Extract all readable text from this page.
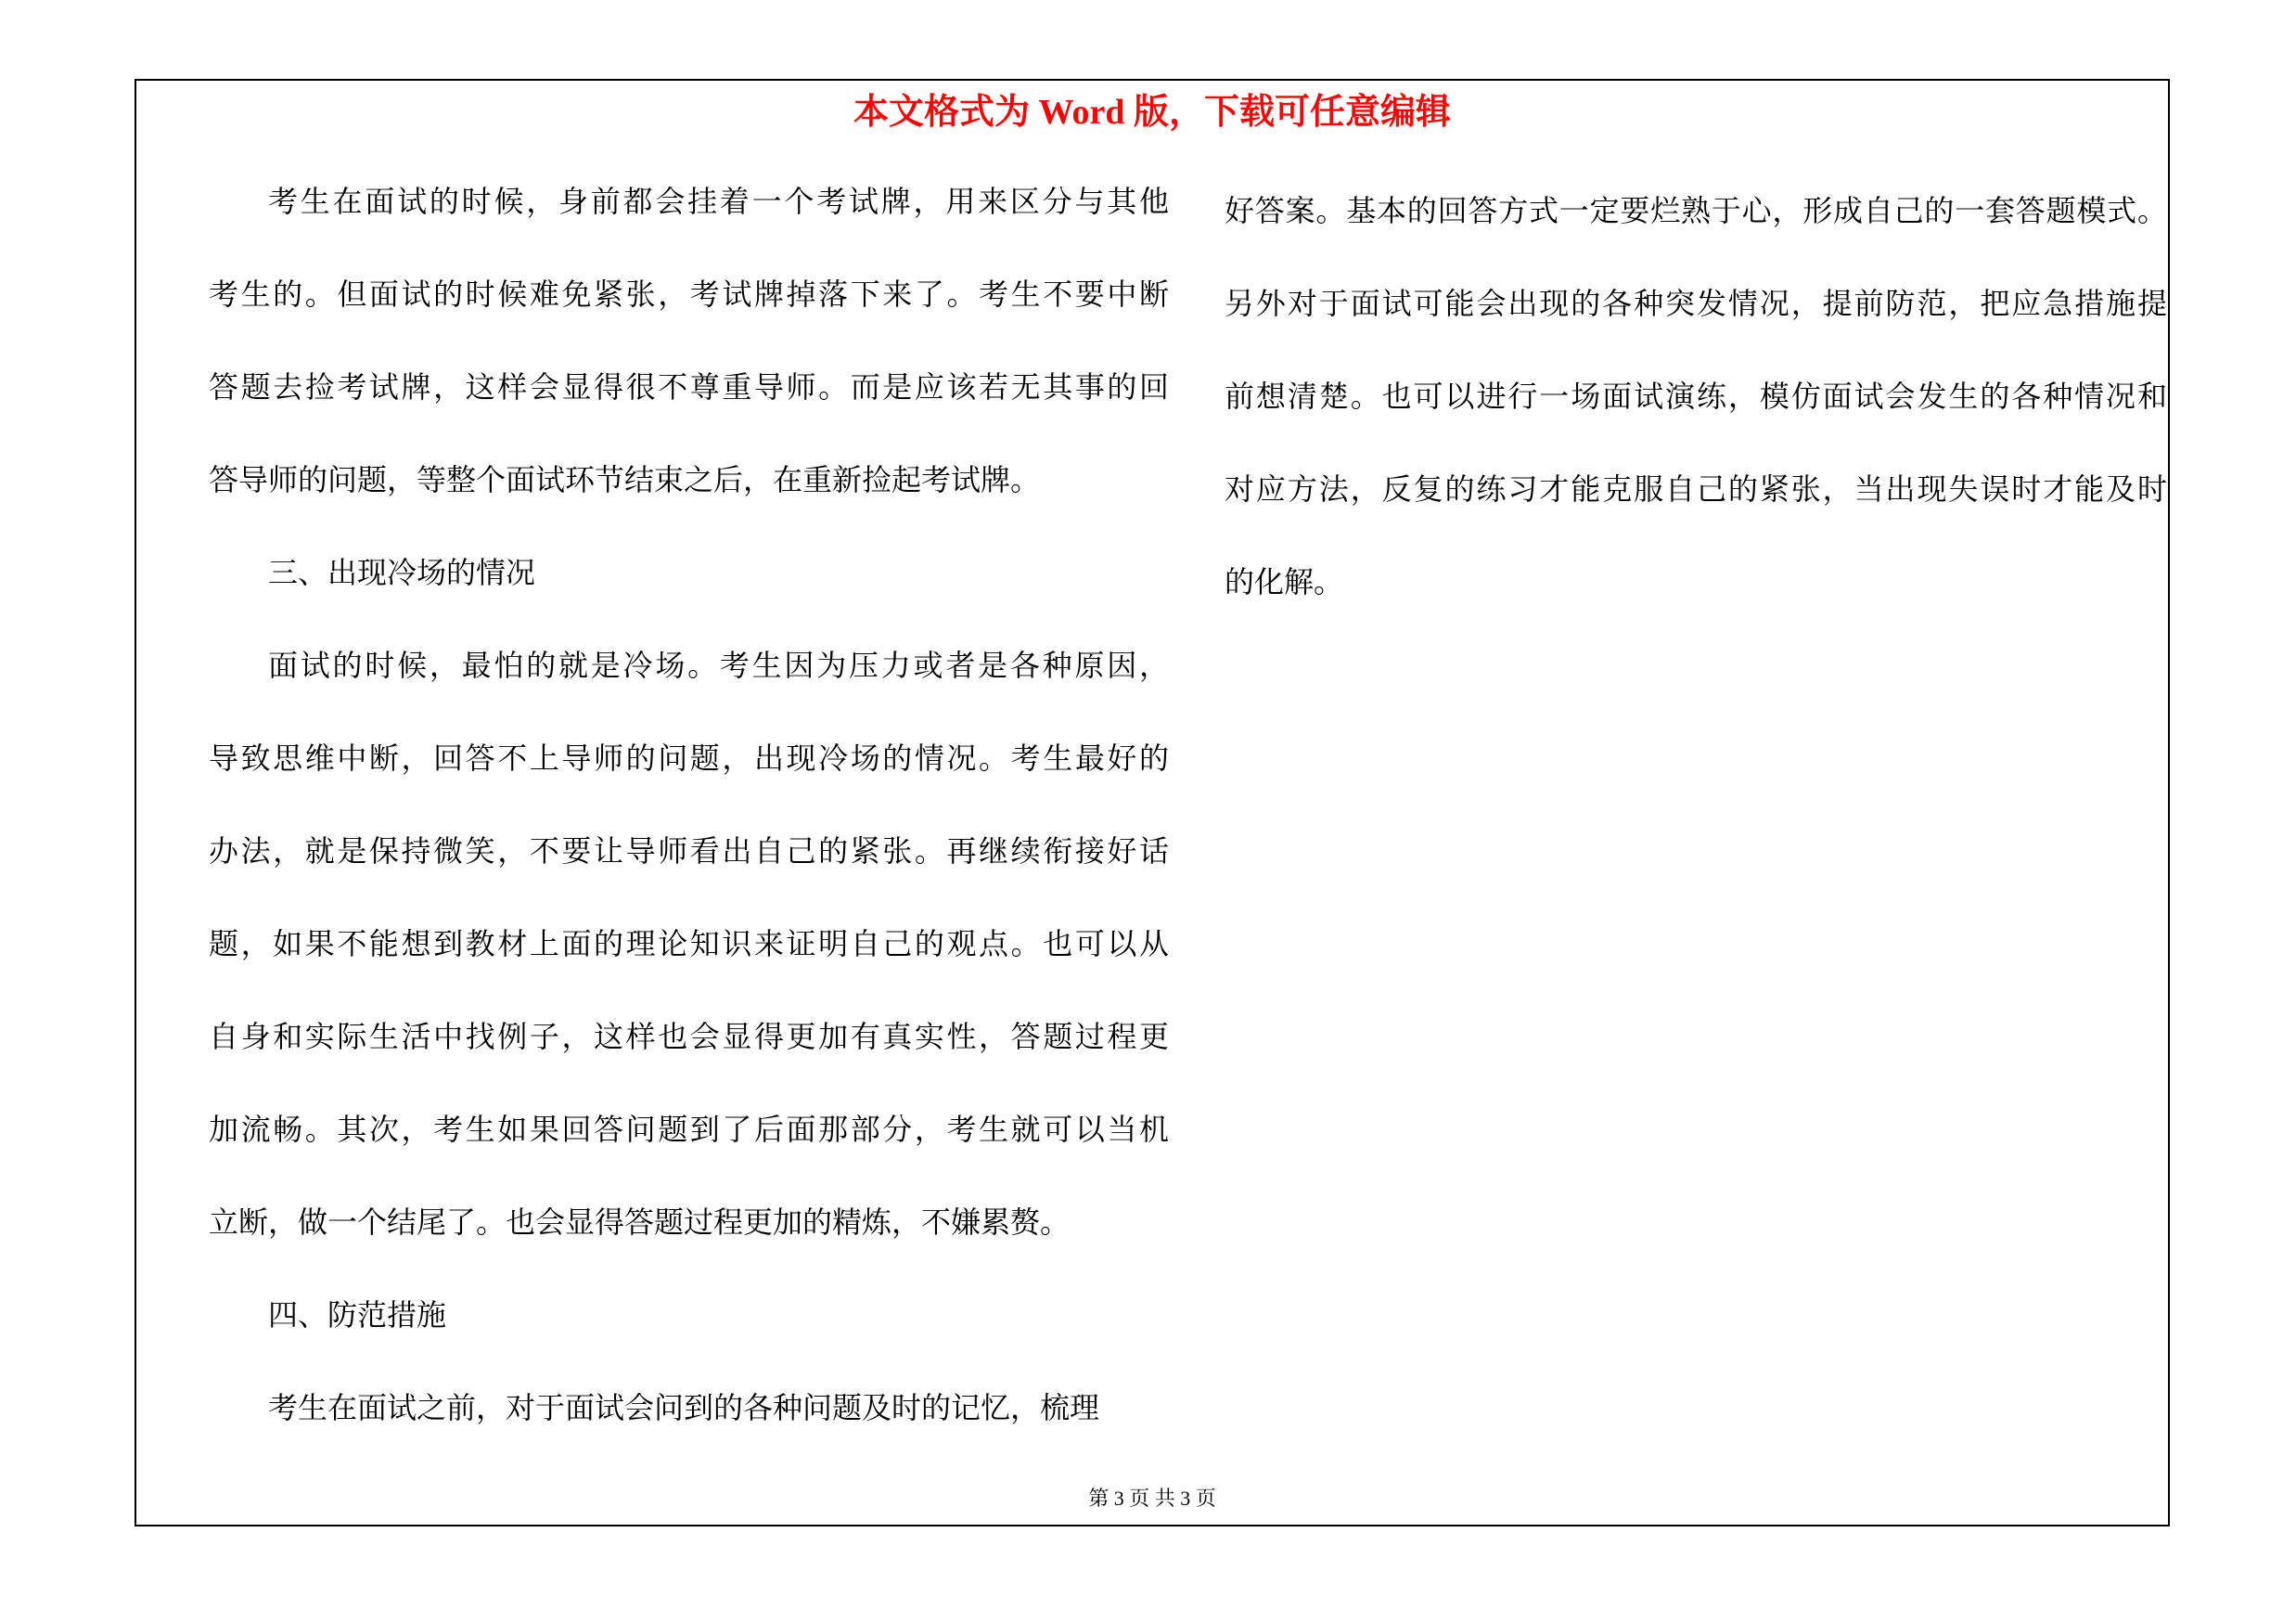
本文格式为 Word 版，下载可任意编辑
考生在面试的时候，身前都会挂着一个考试牌，用来区分与其他
考生的。但面试的时候难免紧张，考试牌掉落下来了。考生不要中断
答题去捡考试牌，这样会显得很不尊重导师。而是应该若无其事的回
答导师的问题，等整个面试环节结束之后，在重新捡起考试牌。
三、出现冷场的情况
面试的时候，最怕的就是冷场。考生因为压力或者是各种原因，
导致思维中断，回答不上导师的问题，出现冷场的情况。考生最好的
办法，就是保持微笑，不要让导师看出自己的紧张。再继续衔接好话
题，如果不能想到教材上面的理论知识来证明自己的观点。也可以从
自身和实际生活中找例子，这样也会显得更加有真实性，答题过程更
加流畅。其次，考生如果回答问题到了后面那部分，考生就可以当机
立断，做一个结尾了。也会显得答题过程更加的精炼，不嫌累赘。
四、防范措施
考生在面试之前，对于面试会问到的各种问题及时的记忆，梳理
好答案。基本的回答方式一定要烂熟于心，形成自己的一套答题模式。
另外对于面试可能会出现的各种突发情况，提前防范，把应急措施提
前想清楚。也可以进行一场面试演练，模仿面试会发生的各种情况和
对应方法，反复的练习才能克服自己的紧张，当出现失误时才能及时
的化解。
第 3 页 共 3 页
